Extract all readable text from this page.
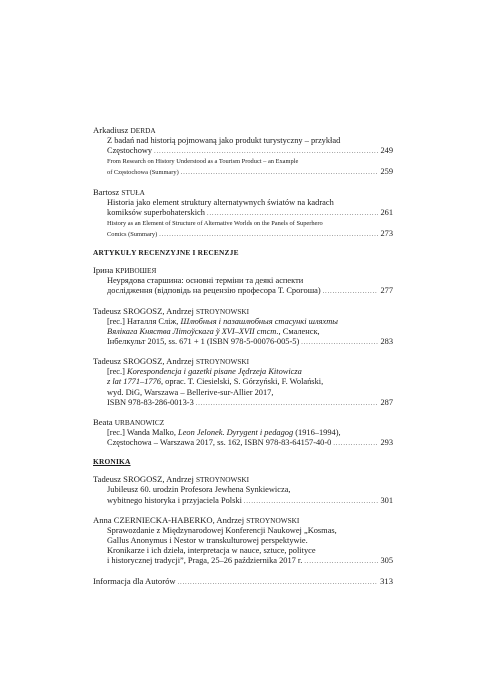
Arkadiusz DERDA

Z badań nad historią pojmowaną jako produkt turystyczny – przykład
Częstochowy .....	249
From Research on History Understood as a Tourism Product – an Example
of Częstochowa (Summary) .....	259

Bartosz STUŁA

Historia jako element struktury alternatywnych światów na kadrach
komiksów superbohaterskich .....	261
History as an Element of Structure of Alternative Worlds on the Panels of Superhero
Comics (Summary) .....	273
ARTYKUŁY RECENZYJNE I RECENZJE

Ірина КРИВОШЕЯ

Неурядова старшина: основні терміни та деякі аспекти
дослідження (відповідь на рецензію професора Т. Срогоша) .....	277

Tadeusz SROGOSZ, Andrzej STROYNOWSKI

[rec.] Наталля Сліж, Шлюбныя і пазашлюбныя стасункі шляхты
Вялікага Княства Літоўскага ў XVI–XVII стст., Смаленск,
Інбелкульт 2015, ss. 671 + 1 (ISBN 978-5-00076-005-5) .....	283

Tadeusz SROGOSZ, Andrzej STROYNOWSKI

[rec.] Korespondencja i gazetki pisane Jędrzeja Kitowicza
z lat 1771–1776, oprac. T. Ciesielski, S. Górzyński, F. Wolański,
wyd. DiG, Warszawa – Bellerive-sur-Allier 2017,
ISBN 978-83-286-0013-3 .....	287

Beata URBANOWICZ

[rec.] Wanda Malko, Leon Jelonek. Dyrygent i pedagog (1916–1994),
Częstochowa – Warszawa 2017, ss. 162, ISBN 978-83-64157-40-0 .....	293
KRONIKA

Tadeusz SROGOSZ, Andrzej STROYNOWSKI

Jubileusz 60. urodzin Profesora Jewhena Synkiewicza,
wybitnego historyka i przyjaciela Polski .....	301

Anna CZERNIECKA-HABERKO, Andrzej STROYNOWSKI

Sprawozdanie z Międzynarodowej Konferencji Naukowej „Kosmas,
Gallus Anonymus i Nestor w transkulturowej perspektywie.
Kronikarze i ich dzieła, interpretacja w nauce, sztuce, polityce
i historycznej tradycji”, Praga, 25–26 października 2017 r. .....	305
Informacja dla Autorów .....	313
